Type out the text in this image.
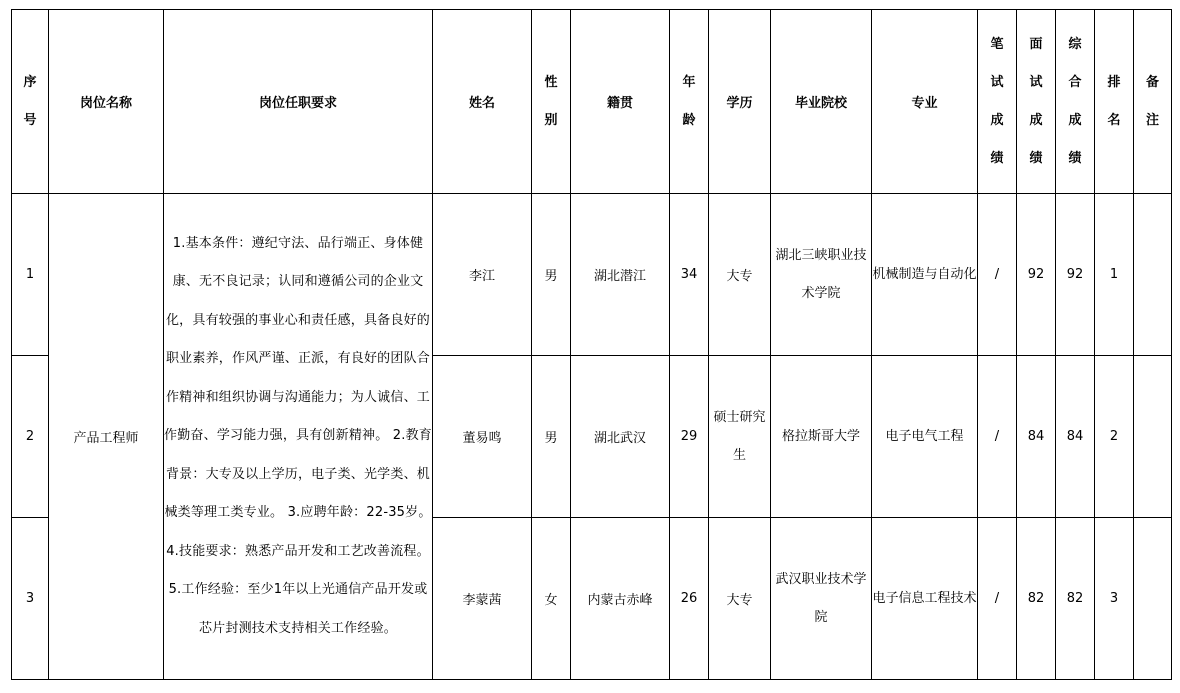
序号	岗位名称	岗位任职要求	姓名	性别	籍贯	年龄	学历	毕业院校	专业	笔试成绩	面试成绩	综合成绩	排名	备注
1	产品工程师	1.基本条件：遵纪守法、品行端正、身体健康、无不良记录；认同和遵循公司的企业文化，具有较强的事业心和责任感，具备良好的职业素养，作风严谨、正派，有良好的团队合作精神和组织协调与沟通能力；为人诚信、工作勤奋、学习能力强，具有创新精神。 2.教育背景：大专及以上学历，电子类、光学类、机械类等理工类专业。 3.应聘年龄：22-35岁。 4.技能要求：熟悉产品开发和工艺改善流程。 5.工作经验：至少1年以上光通信产品开发或芯片封测技术支持相关工作经验。	李江	男	湖北潜江	34	大专	湖北三峡职业技术学院	机械制造与自动化	/	92	92	1	
2			董易鸣	男	湖北武汉	29	硕士研究生	格拉斯哥大学	电子电气工程	/	84	84	2	
3			李蒙茜	女	内蒙古赤峰	26	大专	武汉职业技术学院	电子信息工程技术	/	82	82	3	
